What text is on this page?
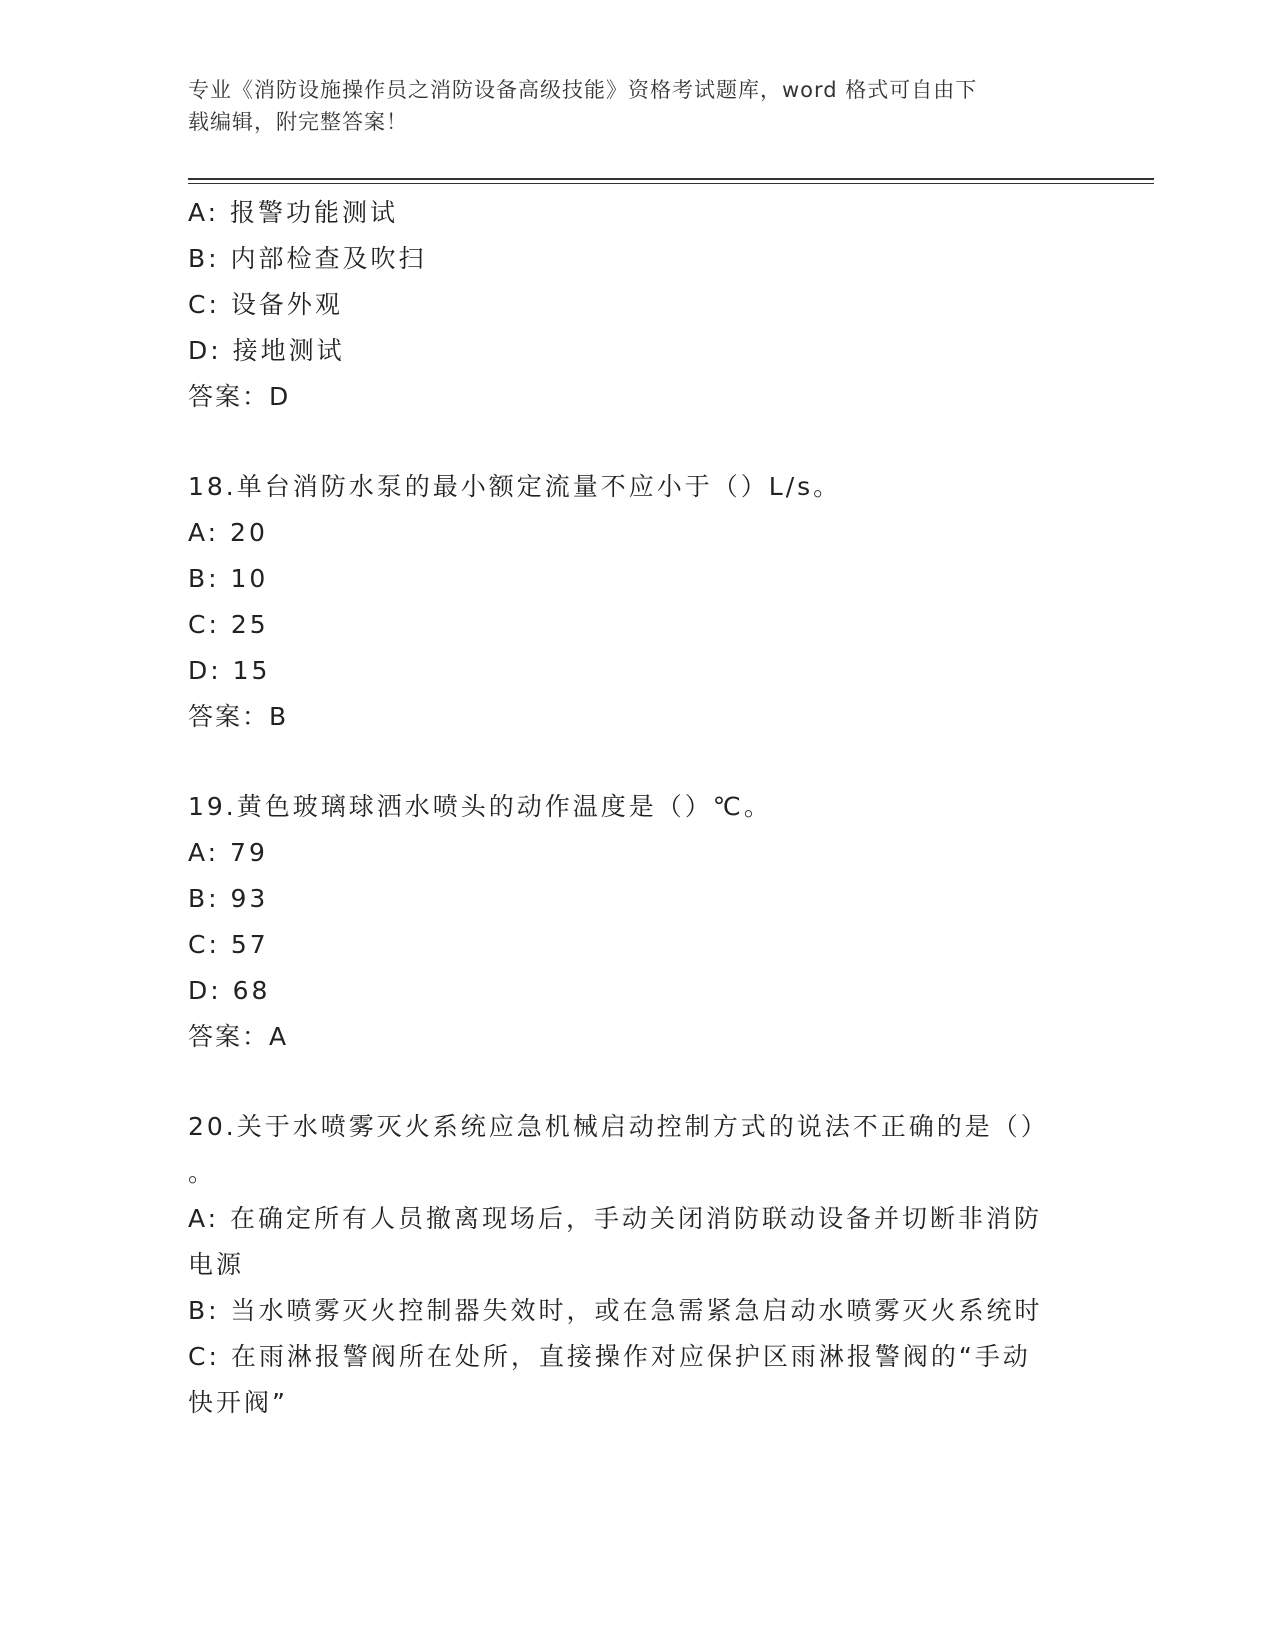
专业《消防设施操作员之消防设备高级技能》资格考试题库，word 格式可自由下
载编辑，附完整答案！
A: 报警功能测试
B: 内部检查及吹扫
C: 设备外观
D: 接地测试
答案：D
18.单台消防水泵的最小额定流量不应小于（）L/s。
A: 20
B: 10
C: 25
D: 15
答案：B
19.黄色玻璃球洒水喷头的动作温度是（）℃。
A: 79
B: 93
C: 57
D: 68
答案：A
20.关于水喷雾灭火系统应急机械启动控制方式的说法不正确的是（）
。
A: 在确定所有人员撤离现场后，手动关闭消防联动设备并切断非消防
电源
B: 当水喷雾灭火控制器失效时，或在急需紧急启动水喷雾灭火系统时
C: 在雨淋报警阀所在处所，直接操作对应保护区雨淋报警阀的“手动
快开阀”
